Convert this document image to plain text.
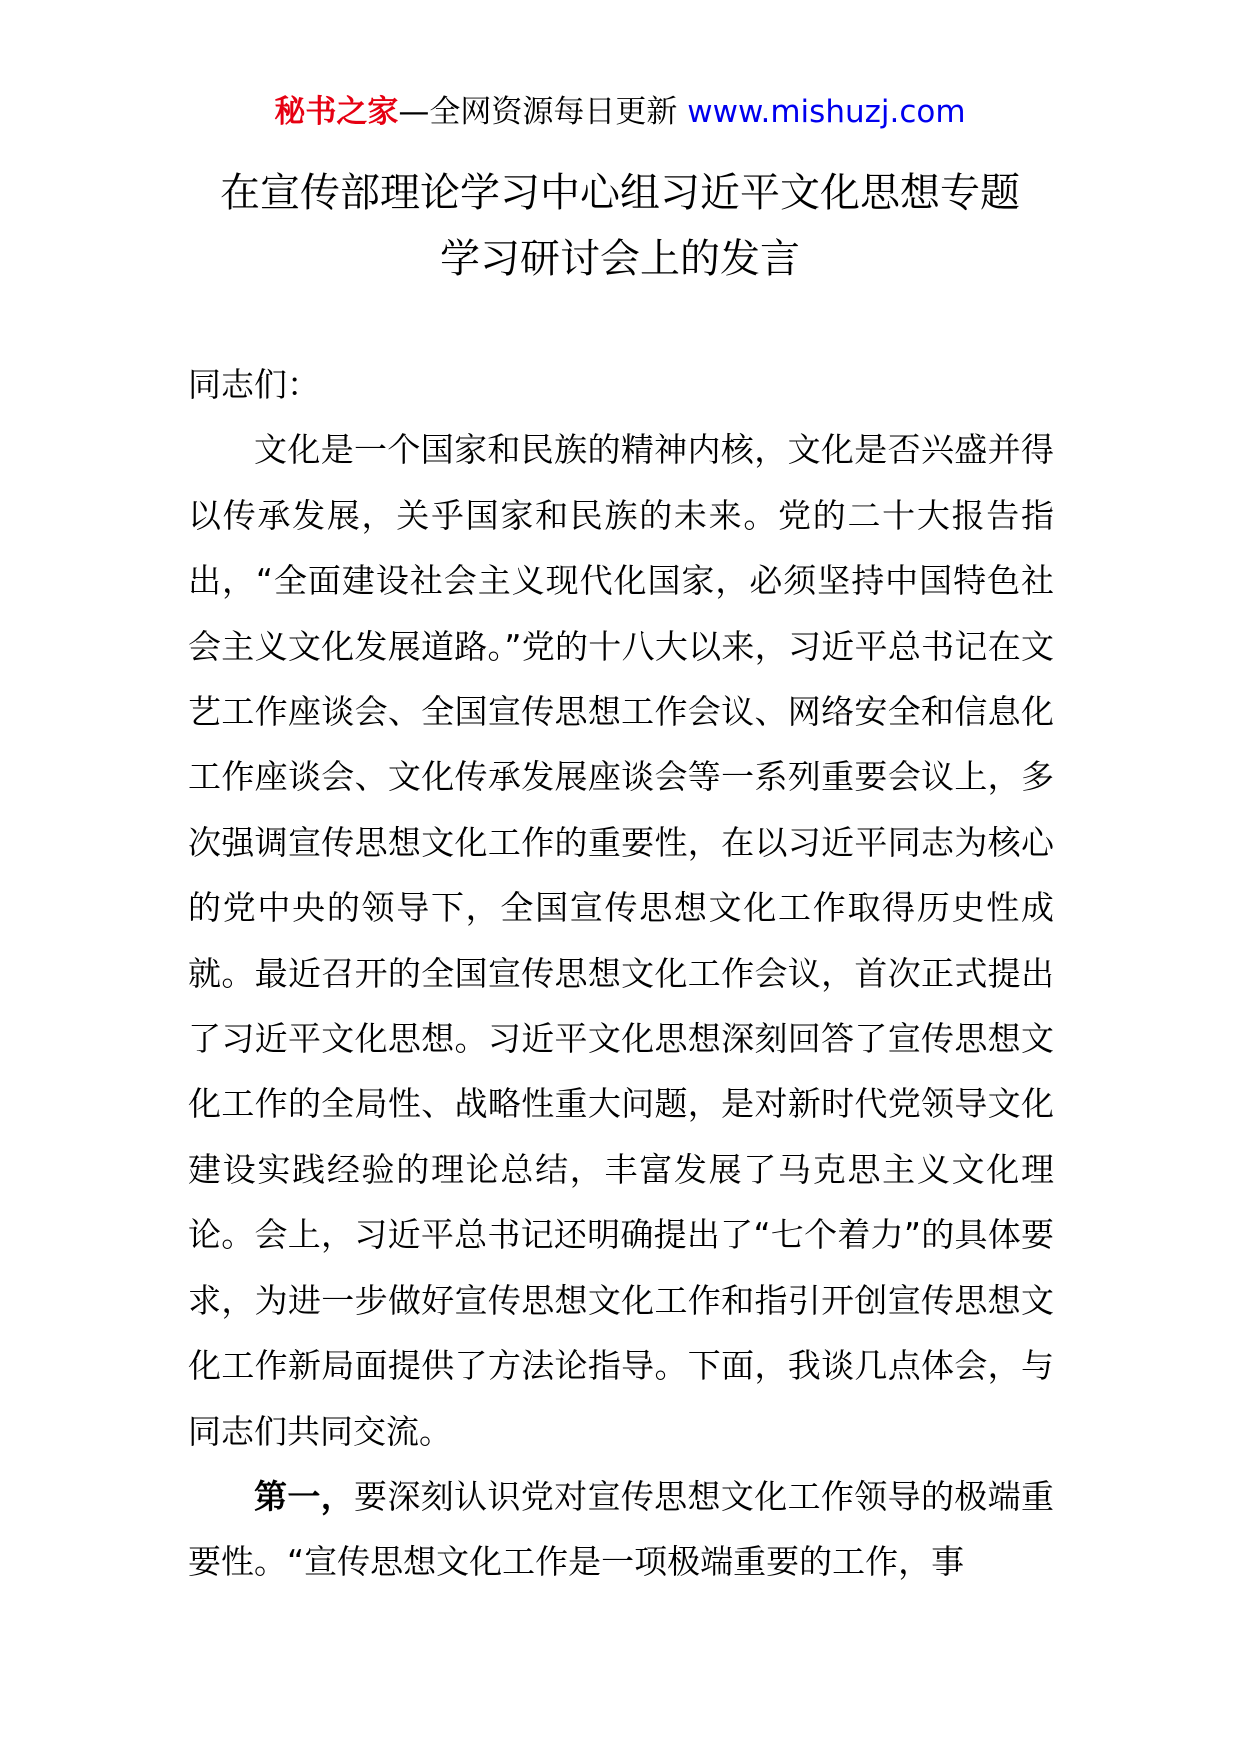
秘书之家—全网资源每日更新 www.mishuzj.com
在宣传部理论学习中心组习近平文化思想专题
学习研讨会上的发言

同志们：

文化是一个国家和民族的精神内核，文化是否兴盛并得以传承发展，关乎国家和民族的未来。党的二十大报告指出，“全面建设社会主义现代化国家，必须坚持中国特色社会主义文化发展道路。”党的十八大以来，习近平总书记在文艺工作座谈会、全国宣传思想工作会议、网络安全和信息化工作座谈会、文化传承发展座谈会等一系列重要会议上，多次强调宣传思想文化工作的重要性，在以习近平同志为核心的党中央的领导下，全国宣传思想文化工作取得历史性成就。最近召开的全国宣传思想文化工作会议，首次正式提出了习近平文化思想。习近平文化思想深刻回答了宣传思想文化工作的全局性、战略性重大问题，是对新时代党领导文化建设实践经验的理论总结，丰富发展了马克思主义文化理论。会上，习近平总书记还明确提出了“七个着力”的具体要求，为进一步做好宣传思想文化工作和指引开创宣传思想文化工作新局面提供了方法论指导。下面，我谈几点体会，与同志们共同交流。

第一，要深刻认识党对宣传思想文化工作领导的极端重要性。“宣传思想文化工作是一项极端重要的工作，事
